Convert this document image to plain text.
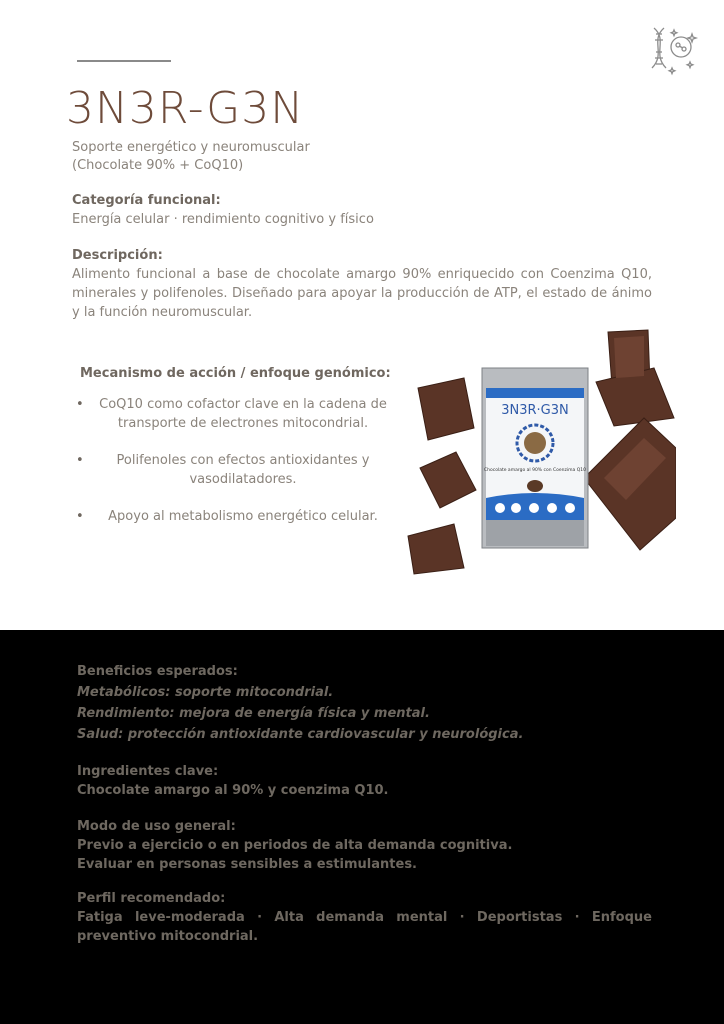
3N3R-G3N
Soporte energético y neuromuscular
(Chocolate 90% + CoQ10)
Categoría funcional:
Energía celular · rendimiento cognitivo y físico
Descripción:
Alimento funcional a base de chocolate amargo 90% enriquecido con Coenzima Q10, minerales y polifenoles. Diseñado para apoyar la producción de ATP, el estado de ánimo y la función neuromuscular.
Mecanismo de acción / enfoque genómico:
• CoQ10 como cofactor clave en la cadena de transporte de electrones mitocondrial.
• Polifenoles con efectos antioxidantes y vasodilatadores.
• Apoyo al metabolismo energético celular.
3N3R·G3N
Chocolate amargo al 90% con Coenzima Q10
Beneficios esperados:
Metabólicos: soporte mitocondrial.
Rendimiento: mejora de energía física y mental.
Salud: protección antioxidante cardiovascular y neurológica.
Ingredientes clave:
Chocolate amargo al 90% y coenzima Q10.
Modo de uso general:
Previo a ejercicio o en periodos de alta demanda cognitiva.
Evaluar en personas sensibles a estimulantes.
Perfil recomendado:
Fatiga leve-moderada · Alta demanda mental · Deportistas · Enfoque preventivo mitocondrial.
